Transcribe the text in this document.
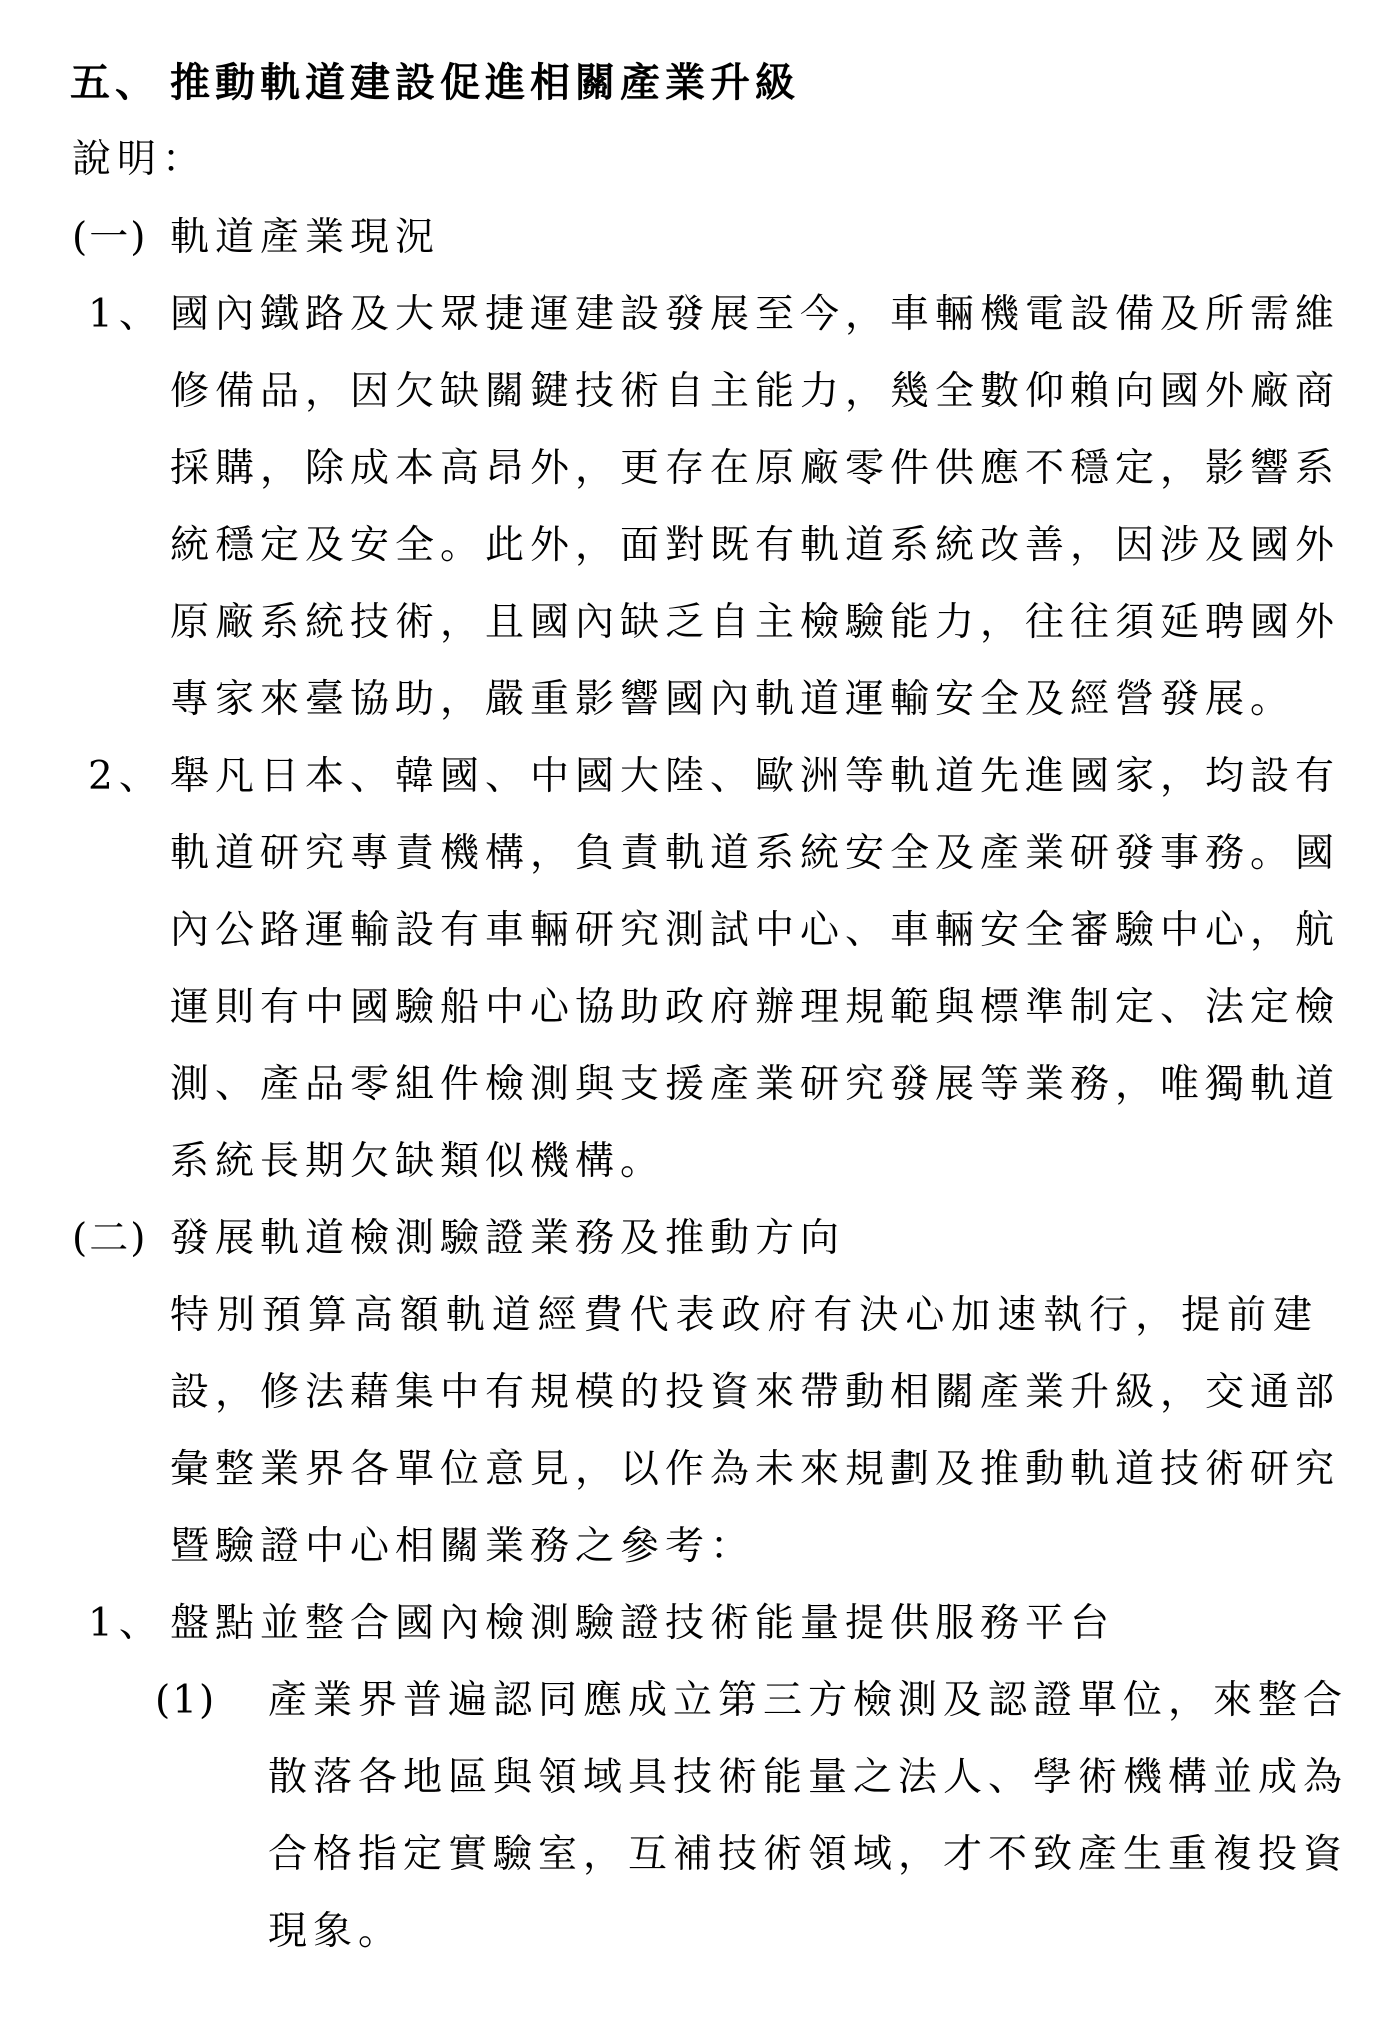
五、 推動軌道建設促進相關產業升級
說明：
(一) 軌道產業現況
1、 國內鐵路及大眾捷運建設發展至今，車輛機電設備及所需維
修備品，因欠缺關鍵技術自主能力，幾全數仰賴向國外廠商
採購，除成本高昂外，更存在原廠零件供應不穩定，影響系
統穩定及安全。此外，面對既有軌道系統改善，因涉及國外
原廠系統技術，且國內缺乏自主檢驗能力，往往須延聘國外
專家來臺協助，嚴重影響國內軌道運輸安全及經營發展。
2、 舉凡日本、韓國、中國大陸、歐洲等軌道先進國家，均設有
軌道研究專責機構，負責軌道系統安全及產業研發事務。國
內公路運輸設有車輛研究測試中心、車輛安全審驗中心，航
運則有中國驗船中心協助政府辦理規範與標準制定、法定檢
測、產品零組件檢測與支援產業研究發展等業務，唯獨軌道
系統長期欠缺類似機構。
(二) 發展軌道檢測驗證業務及推動方向
特別預算高額軌道經費代表政府有決心加速執行，提前建
設，修法藉集中有規模的投資來帶動相關產業升級，交通部
彙整業界各單位意見，以作為未來規劃及推動軌道技術研究
暨驗證中心相關業務之參考：
1、 盤點並整合國內檢測驗證技術能量提供服務平台
(1) 產業界普遍認同應成立第三方檢測及認證單位，來整合
散落各地區與領域具技術能量之法人、學術機構並成為
合格指定實驗室，互補技術領域，才不致產生重複投資
現象。
